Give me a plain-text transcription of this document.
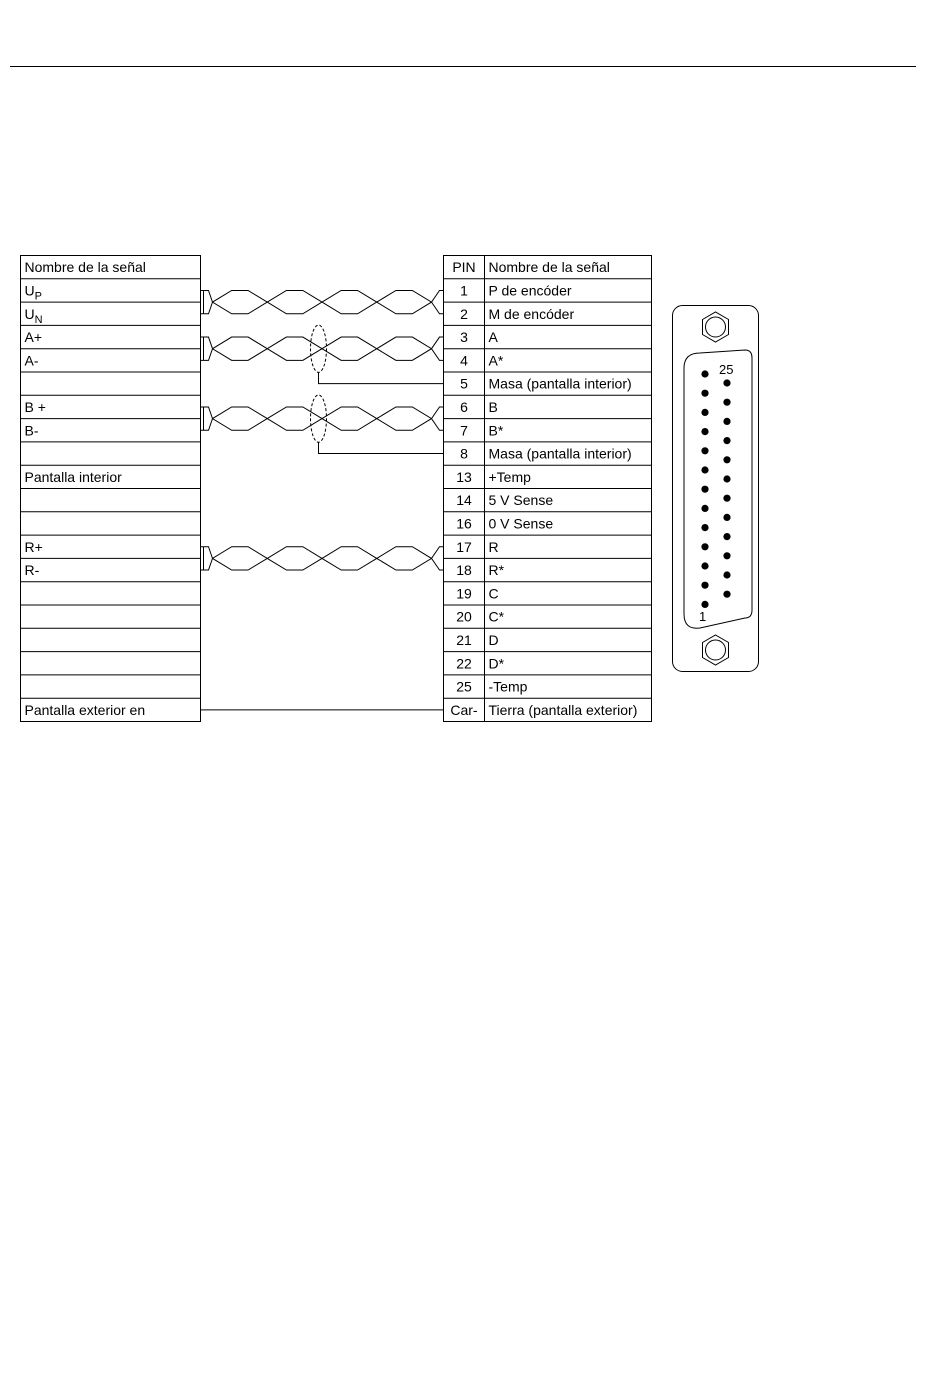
Nombre de la señal
$U_P$
$U_N$
A+
A-
B +
B-
Pantalla interior
R+
R-
Pantalla exterior en
PIN Nombre de la señal
1 P de encóder
2 M de encóder
3 A
4 A*
5 Masa (pantalla interior)
6 B
7 B*
8 Masa (pantalla interior)
13 +Temp
14 5 V Sense
16 0 V Sense
17 R
18 R*
19 C
20 C*
21 D
22 D*
25 -Temp
Car- Tierra (pantalla exterior)
25
1
